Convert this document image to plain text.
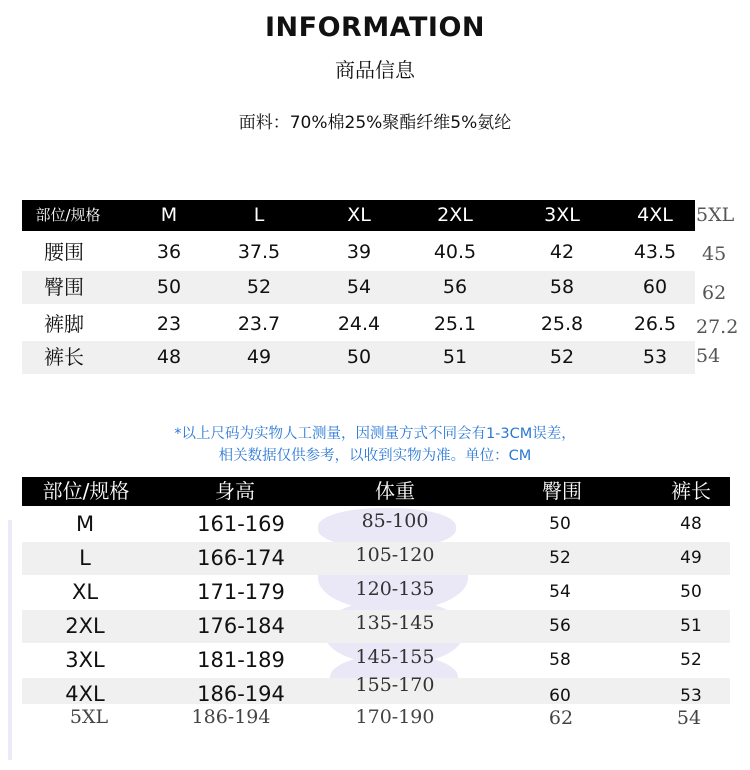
INFORMATION
商品信息
面料：70%棉25%聚酯纤维5%氨纶
部位/规格	M	L	XL	2XL	3XL	4XL	5XL
腰围	36	37.5	39	40.5	42	43.5	45
臀围	50	52	54	56	58	60	62
裤脚	23	23.7	24.4	25.1	25.8	26.5	27.2
裤长	48	49	50	51	52	53	54
*以上尺码为实物人工测量，因测量方式不同会有1-3CM误差，
相关数据仅供参考，以收到实物为准。单位：CM
部位/规格	身高	体重	臀围	裤长
M	161-169	85-100	50	48
L	166-174	105-120	52	49
XL	171-179	120-135	54	50
2XL	176-184	135-145	56	51
3XL	181-189	145-155	58	52
4XL	186-194	155-170	60	53
5XL	186-194	170-190	62	54
